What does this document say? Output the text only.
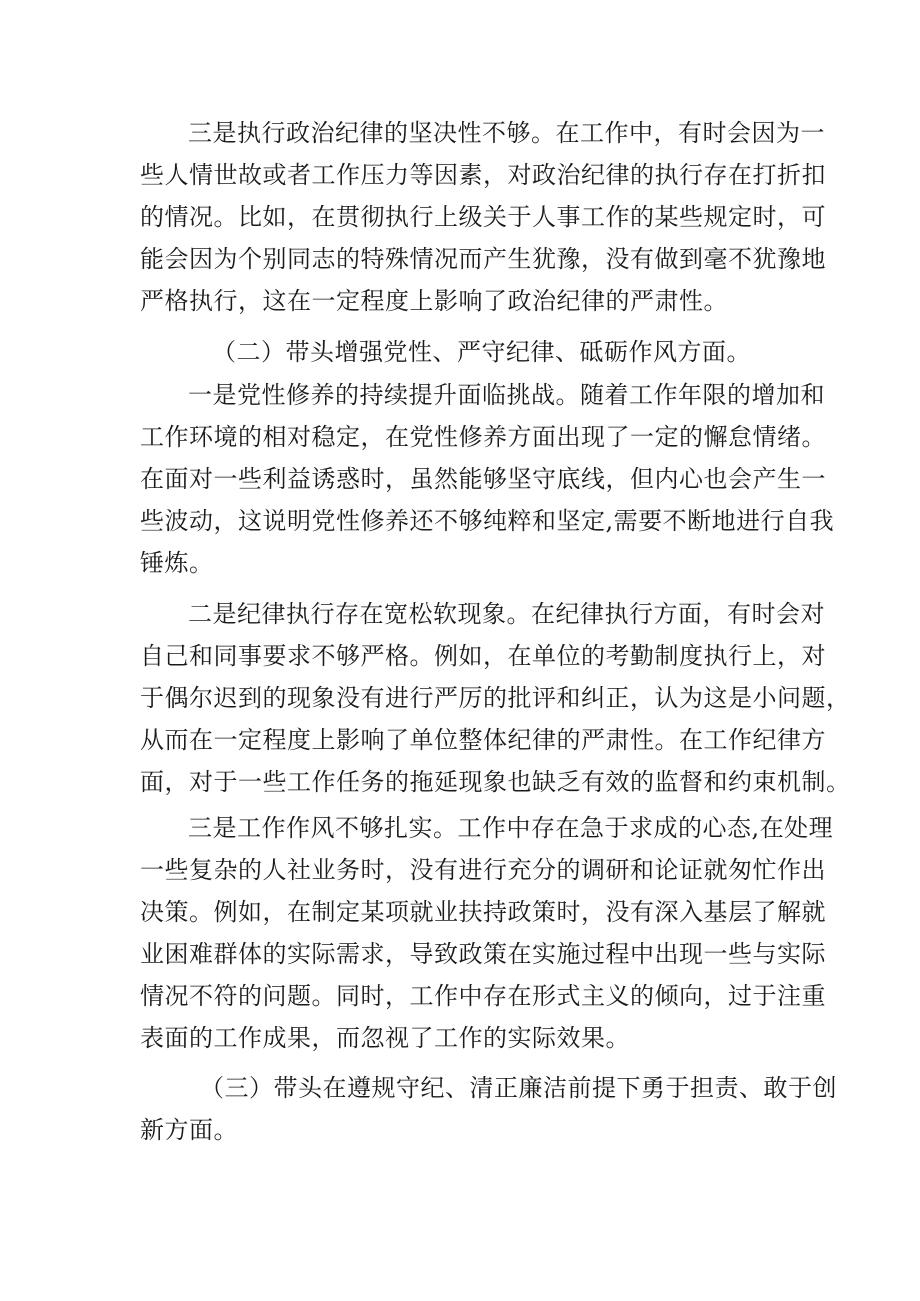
三是执行政治纪律的坚决性不够。在工作中，有时会因为一
些人情世故或者工作压力等因素，对政治纪律的执行存在打折扣
的情况。比如，在贯彻执行上级关于人事工作的某些规定时，可
能会因为个别同志的特殊情况而产生犹豫，没有做到毫不犹豫地
严格执行，这在一定程度上影响了政治纪律的严肃性。
（二）带头增强党性、严守纪律、砥砺作风方面。
一是党性修养的持续提升面临挑战。随着工作年限的增加和
工作环境的相对稳定，在党性修养方面出现了一定的懈怠情绪。
在面对一些利益诱惑时，虽然能够坚守底线，但内心也会产生一
些波动，这说明党性修养还不够纯粹和坚定,需要不断地进行自我
锤炼。
二是纪律执行存在宽松软现象。在纪律执行方面，有时会对
自己和同事要求不够严格。例如，在单位的考勤制度执行上，对
于偶尔迟到的现象没有进行严厉的批评和纠正，认为这是小问题，
从而在一定程度上影响了单位整体纪律的严肃性。在工作纪律方
面，对于一些工作任务的拖延现象也缺乏有效的监督和约束机制。
三是工作作风不够扎实。工作中存在急于求成的心态,在处理
一些复杂的人社业务时，没有进行充分的调研和论证就匆忙作出
决策。例如，在制定某项就业扶持政策时，没有深入基层了解就
业困难群体的实际需求，导致政策在实施过程中出现一些与实际
情况不符的问题。同时，工作中存在形式主义的倾向，过于注重
表面的工作成果，而忽视了工作的实际效果。
（三）带头在遵规守纪、清正廉洁前提下勇于担责、敢于创
新方面。
